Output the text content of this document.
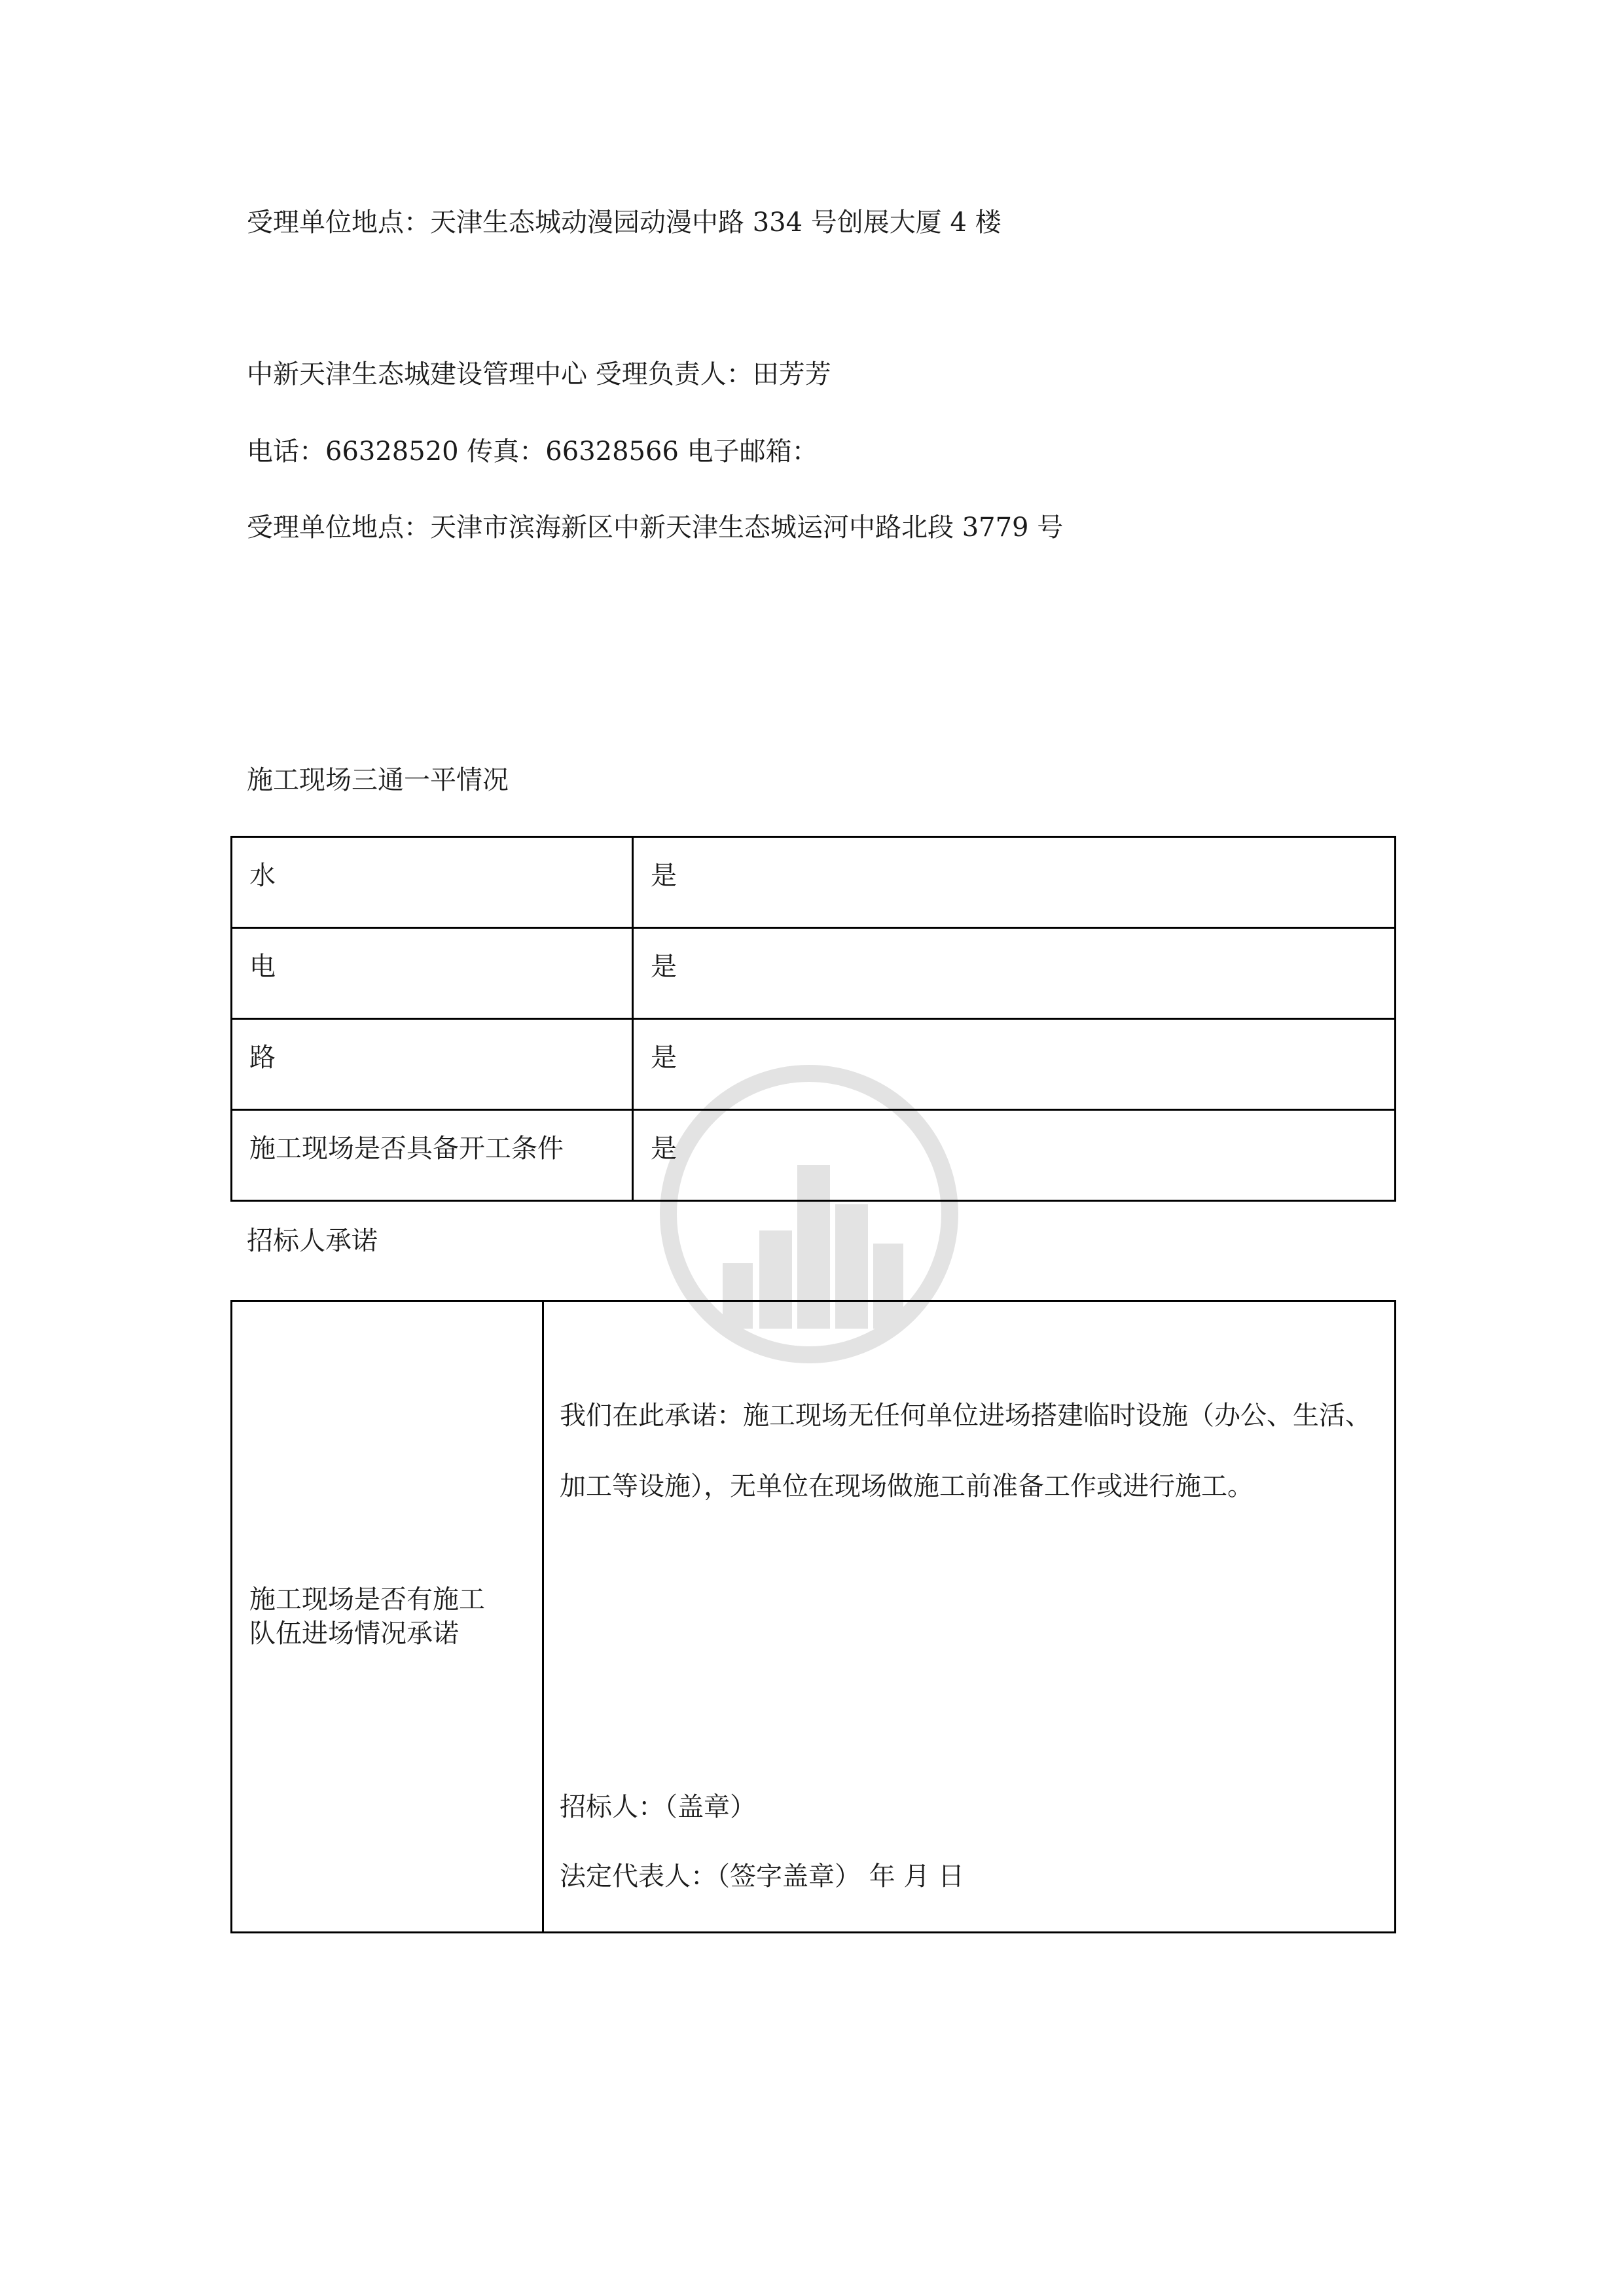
受理单位地点：天津生态城动漫园动漫中路 334 号创展大厦 4 楼
中新天津生态城建设管理中心 受理负责人：田芳芳
电话：66328520 传真：66328566 电子邮箱：
受理单位地点：天津市滨海新区中新天津生态城运河中路北段 3779 号
施工现场三通一平情况
水	是

电	是

路	是

施工现场是否具备开工条件	是
招标人承诺
施工现场是否有施工
队伍进场情况承诺

我们在此承诺：施工现场无任何单位进场搭建临时设施（办公、生活、加工等设施），无单位在现场做施工前准备工作或进行施工。
招标人：（盖章）
法定代表人：（签字盖章） 年 月 日
